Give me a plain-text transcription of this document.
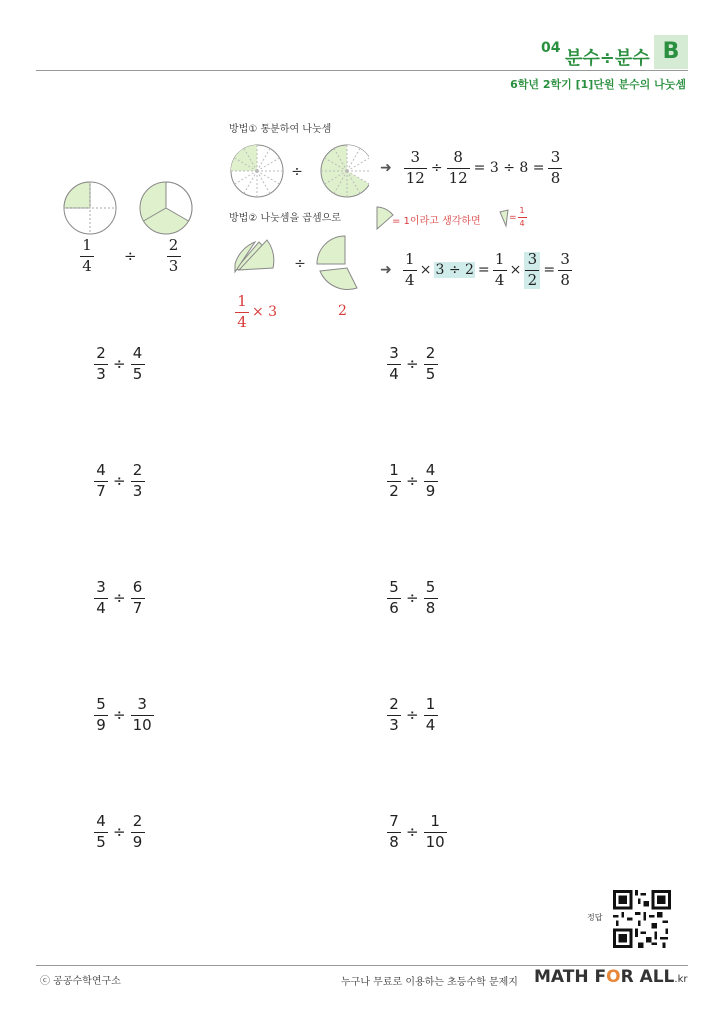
04 분수÷분수 B
6학년 2학기 [1]단원 분수의 나눗셈
$\frac{1}{4} \div \frac{2}{3}$
방법① 통분하여 나눗셈
÷	➜ $\frac{3}{12} \div \frac{8}{12} = 3 \div 8 = \frac{3}{8}$
방법② 나눗셈을 곱셈으로	= 1이라고 생각하면	= $\frac{1}{4}$
÷	➜ $\frac{1}{4} \times 3 \div 2 = \frac{1}{4} \times \frac{3}{2} = \frac{3}{8}$
$\frac{1}{4} \times 3$	2
$\frac{2}{3} \div \frac{4}{5}$	$\frac{3}{4} \div \frac{2}{5}$
$\frac{4}{7} \div \frac{2}{3}$	$\frac{1}{2} \div \frac{4}{9}$
$\frac{3}{4} \div \frac{6}{7}$	$\frac{5}{6} \div \frac{5}{8}$
$\frac{5}{9} \div \frac{3}{10}$	$\frac{2}{3} \div \frac{1}{4}$
$\frac{4}{5} \div \frac{2}{9}$	$\frac{7}{8} \div \frac{1}{10}$
정답
ⓒ 공공수학연구소	누구나 무료로 이용하는 초등수학 문제지 MATH FOR ALL.kr
